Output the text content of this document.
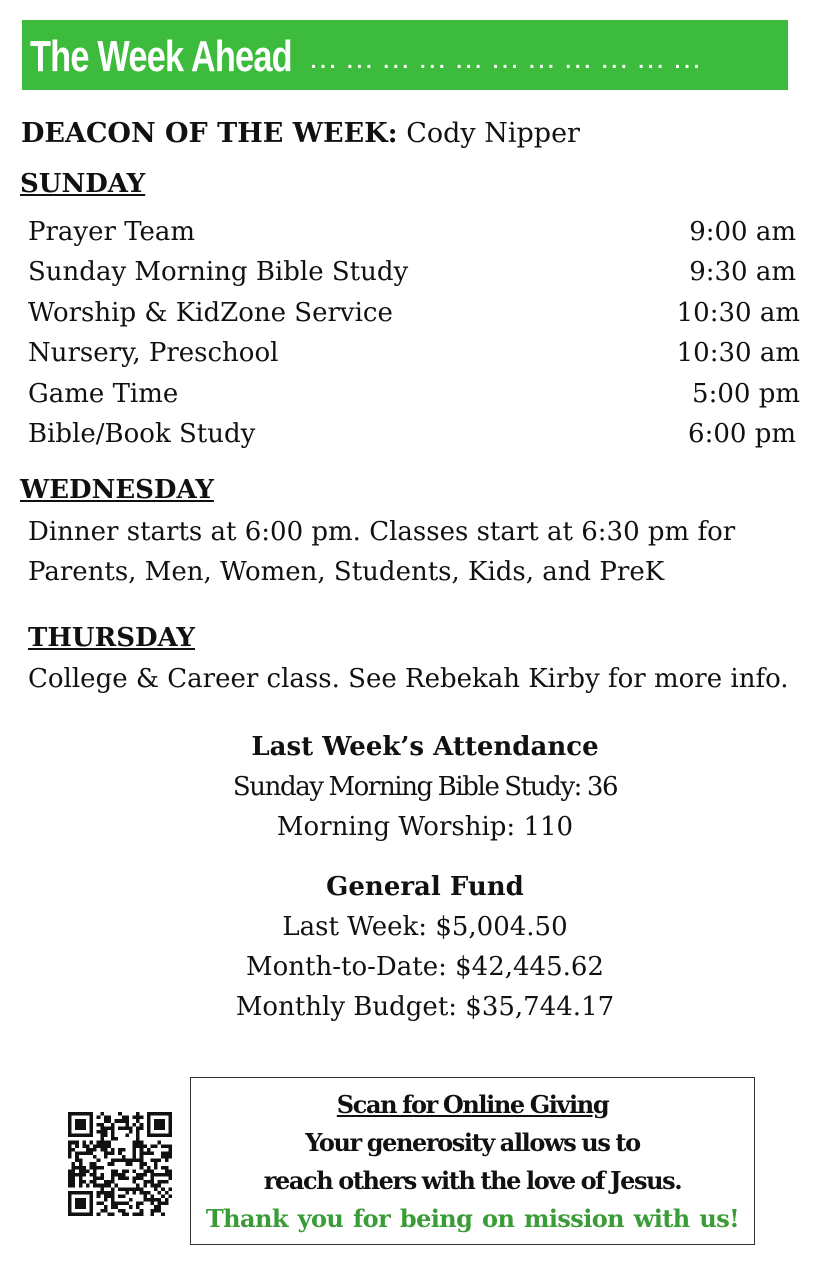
The Week Ahead ……………………………
DEACON OF THE WEEK: Cody Nipper
SUNDAY
Prayer Team	9:00 am
Sunday Morning Bible Study	9:30 am
Worship & KidZone Service	10:30 am
Nursery, Preschool	10:30 am
Game Time	5:00 pm
Bible/Book Study	6:00 pm
WEDNESDAY
Dinner starts at 6:00 pm. Classes start at 6:30 pm for
Parents, Men, Women, Students, Kids, and PreK
THURSDAY
College & Career class. See Rebekah Kirby for more info.
Last Week’s Attendance
Sunday Morning Bible Study: 36
Morning Worship: 110
General Fund
Last Week: $5,004.50
Month-to-Date: $42,445.62
Monthly Budget: $35,744.17
Scan for Online Giving
Your generosity allows us to
reach others with the love of Jesus.
Thank you for being on mission with us!
